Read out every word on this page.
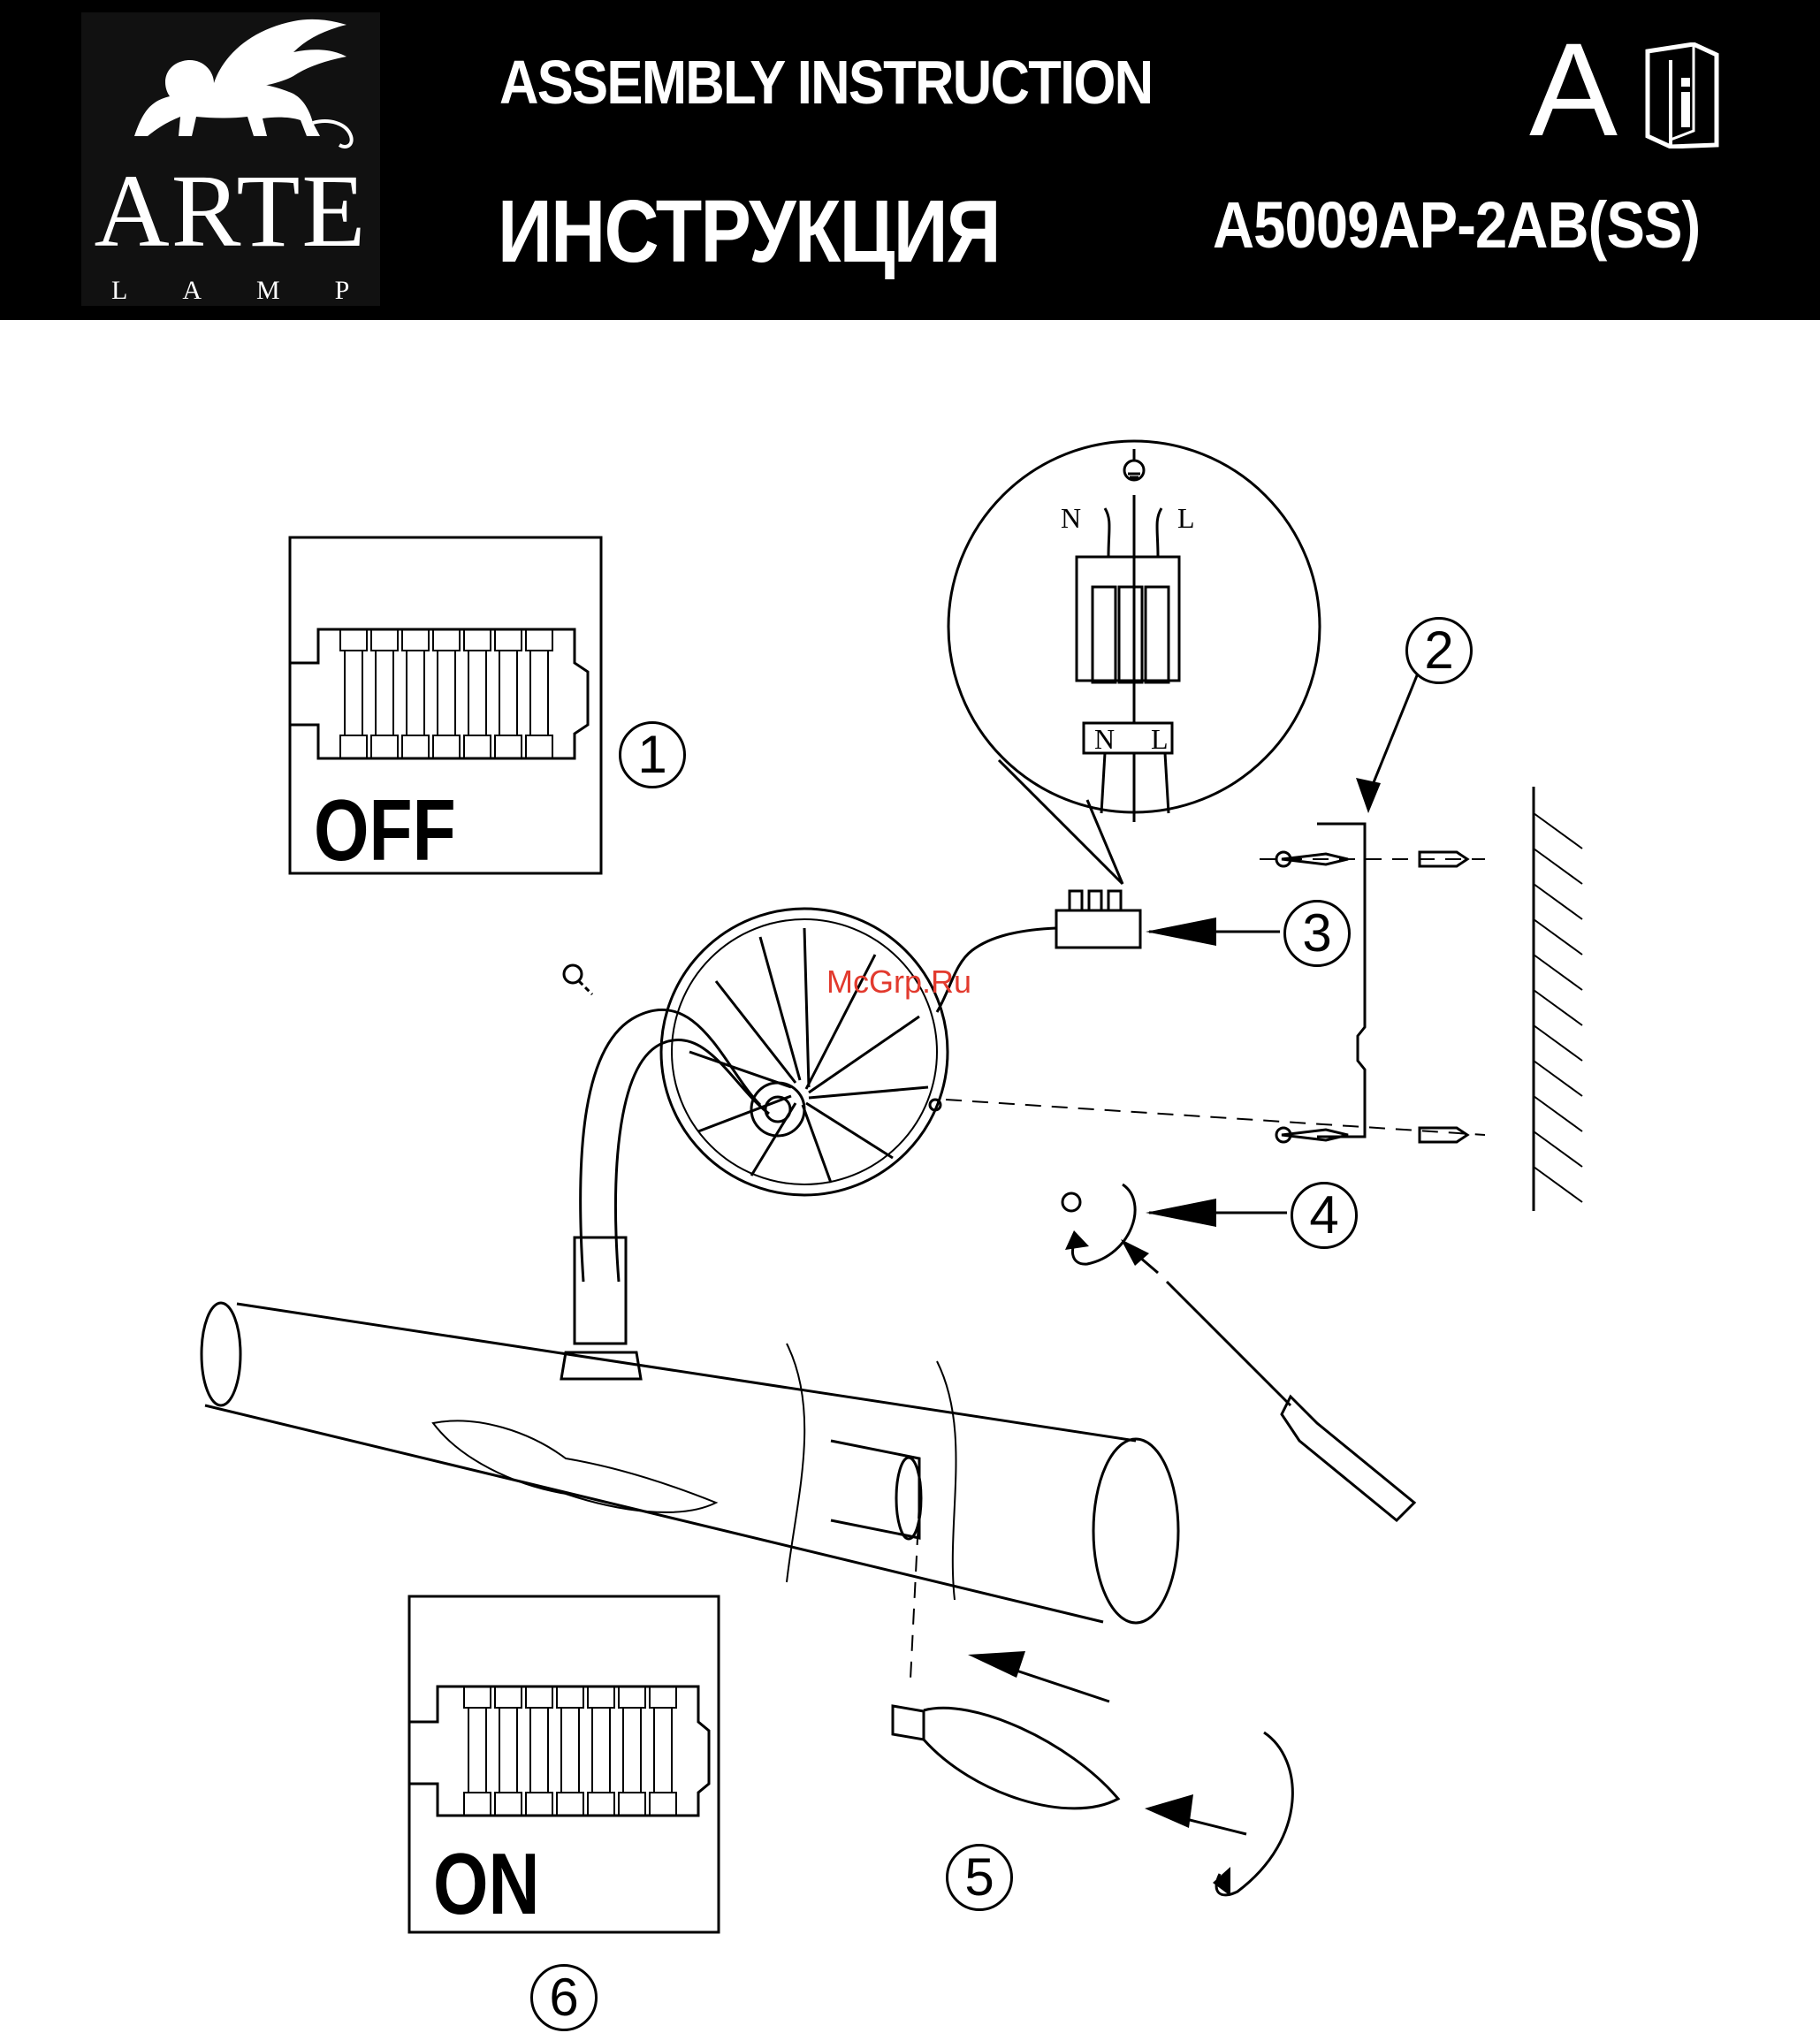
ARTE
LAMP
ASSEMBLY INSTRUCTION
ИНСТРУКЦИЯ	A5009AP-2AB(SS)
A
N	L
N L
OFF
ON
1
2
3
4
5
6
McGrp.Ru
